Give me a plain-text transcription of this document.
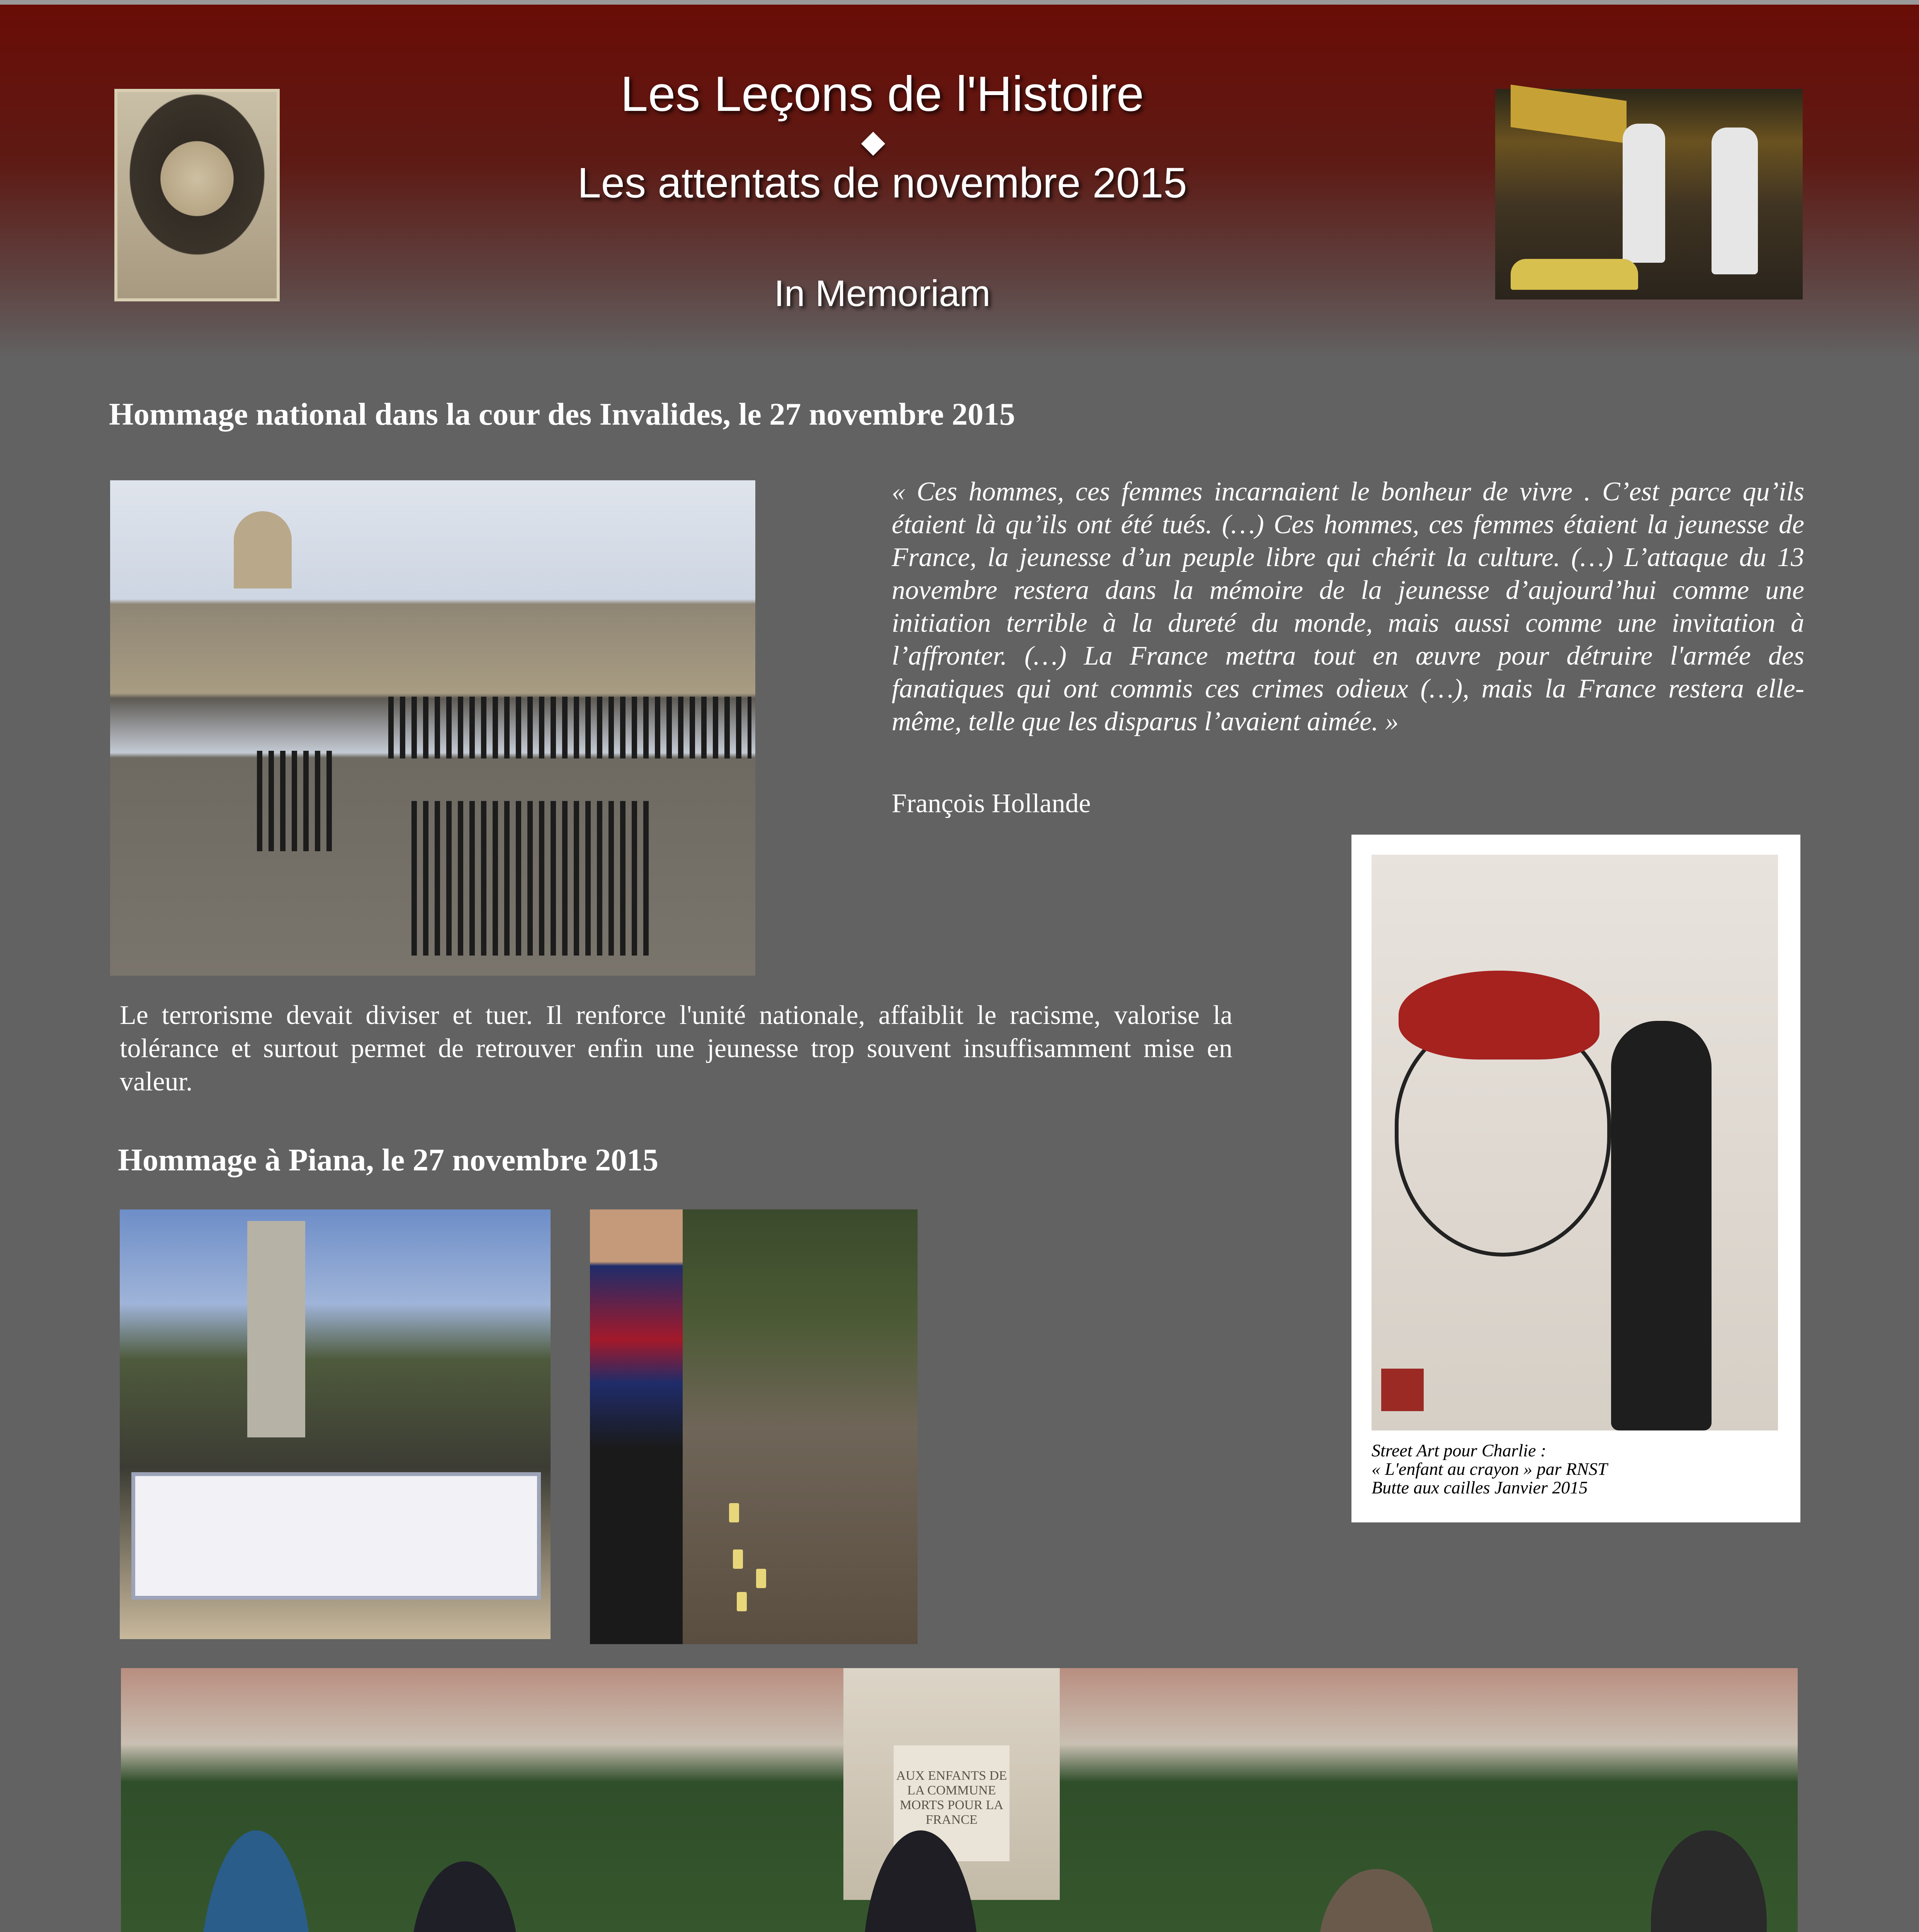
Les Leçons de l'Histoire
Les attentats de novembre 2015
In Memoriam
Hommage national dans la cour des Invalides, le 27 novembre 2015
« Ces hommes, ces femmes incarnaient le bonheur de vivre . C’est parce qu’ils étaient là qu’ils ont été tués. (…) Ces hommes, ces femmes étaient la jeunesse de France, la jeunesse d’un peuple libre qui chérit la culture. (…) L’attaque du 13 novembre restera dans la mémoire de la jeunesse d’aujourd’hui comme une initiation terrible à la dureté du monde, mais aussi comme une invitation à l’affronter. (…) La France mettra tout en œuvre pour détruire l'armée des fanatiques qui ont commis ces crimes odieux (…), mais la France restera elle-même, telle que les disparus l’avaient aimée. »
François Hollande
Le terrorisme devait diviser et tuer. Il renforce l'unité nationale, affaiblit le racisme, valorise la tolérance et surtout permet de retrouver enfin une jeunesse trop souvent insuffisamment mise en valeur.
Hommage à Piana, le 27 novembre 2015
Street Art pour Charlie :
« L'enfant au crayon » par RNST
Butte aux cailles Janvier 2015
AUX ENFANTS DE LA COMMUNE MORTS POUR LA FRANCE
